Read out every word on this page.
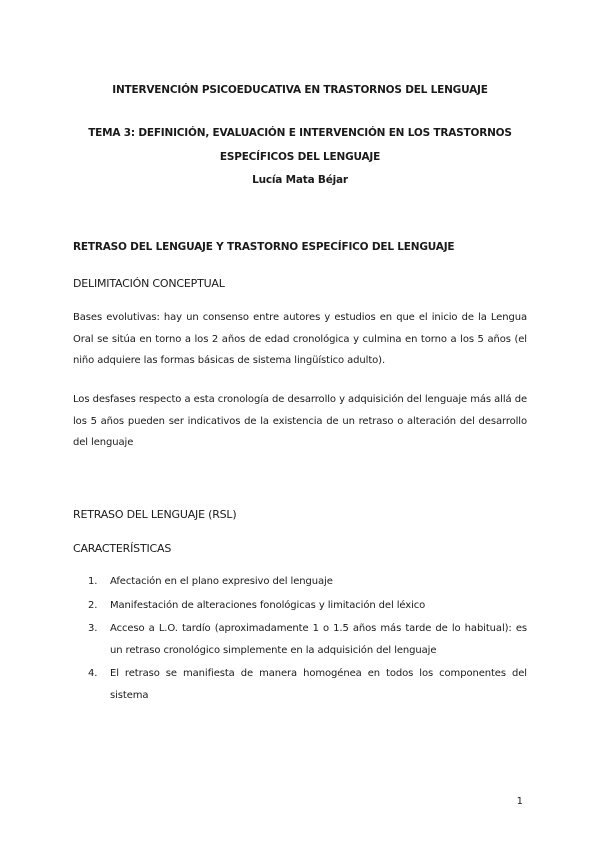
INTERVENCIÓN PSICOEDUCATIVA EN TRASTORNOS DEL LENGUAJE
TEMA 3: DEFINICIÓN, EVALUACIÓN E INTERVENCIÓN EN LOS TRASTORNOS
ESPECÍFICOS DEL LENGUAJE
Lucía Mata Béjar
RETRASO DEL LENGUAJE Y TRASTORNO ESPECÍFICO DEL LENGUAJE
DELIMITACIÓN CONCEPTUAL
Bases evolutivas: hay un consenso entre autores y estudios en que el inicio de la Lengua Oral se sitúa en torno a los 2 años de edad cronológica y culmina en torno a los 5 años (el niño adquiere las formas básicas de sistema lingüístico adulto).
Los desfases respecto a esta cronología de desarrollo y adquisición del lenguaje más allá de los 5 años pueden ser indicativos de la existencia de un retraso o alteración del desarrollo del lenguaje
RETRASO DEL LENGUAJE (RSL)
CARACTERÍSTICAS
1. Afectación en el plano expresivo del lenguaje
2. Manifestación de alteraciones fonológicas y limitación del léxico
3. Acceso a L.O. tardío (aproximadamente 1 o 1.5 años más tarde de lo habitual): es un retraso cronológico simplemente en la adquisición del lenguaje
4. El retraso se manifiesta de manera homogénea en todos los componentes del sistema
1
